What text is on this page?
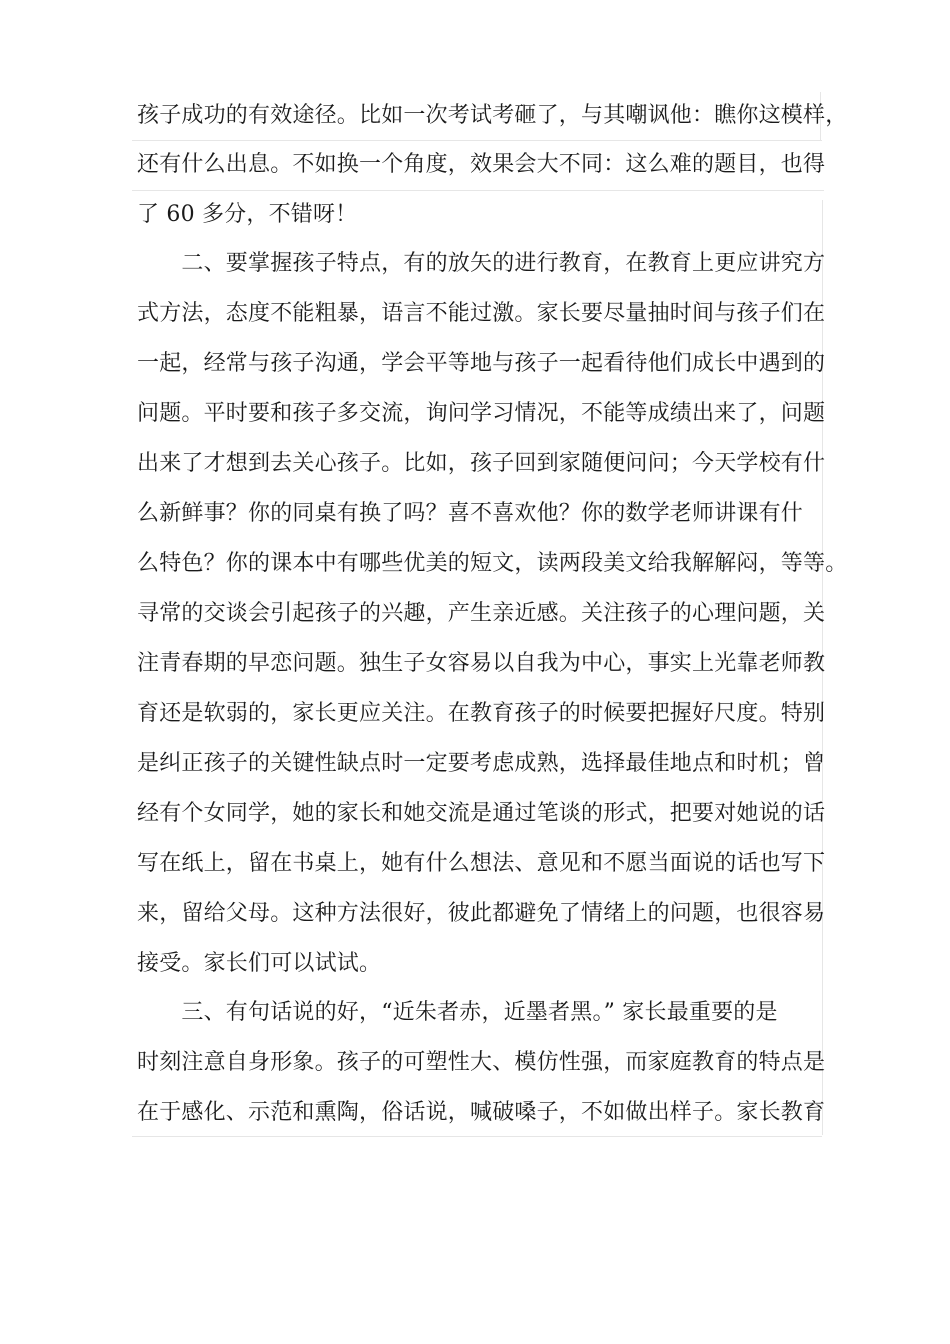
孩子成功的有效途径。比如一次考试考砸了，与其嘲讽他：瞧你这模样，
还有什么出息。不如换一个角度，效果会大不同：这么难的题目，也得
了 60 多分，不错呀！
　　二、要掌握孩子特点，有的放矢的进行教育，在教育上更应讲究方
式方法，态度不能粗暴，语言不能过激。家长要尽量抽时间与孩子们在
一起，经常与孩子沟通，学会平等地与孩子一起看待他们成长中遇到的
问题。平时要和孩子多交流，询问学习情况，不能等成绩出来了，问题
出来了才想到去关心孩子。比如，孩子回到家随便问问；今天学校有什
么新鲜事？你的同桌有换了吗？喜不喜欢他？你的数学老师讲课有什
么特色？你的课本中有哪些优美的短文，读两段美文给我解解闷，等等。
寻常的交谈会引起孩子的兴趣，产生亲近感。关注孩子的心理问题，关
注青春期的早恋问题。独生子女容易以自我为中心，事实上光靠老师教
育还是软弱的，家长更应关注。在教育孩子的时候要把握好尺度。特别
是纠正孩子的关键性缺点时一定要考虑成熟，选择最佳地点和时机；曾
经有个女同学，她的家长和她交流是通过笔谈的形式，把要对她说的话
写在纸上，留在书桌上，她有什么想法、意见和不愿当面说的话也写下
来，留给父母。这种方法很好，彼此都避免了情绪上的问题，也很容易
接受。家长们可以试试。
　　三、有句话说的好，“近朱者赤，近墨者黑。” 家长最重要的是
时刻注意自身形象。孩子的可塑性大、模仿性强，而家庭教育的特点是
在于感化、示范和熏陶，俗话说，喊破嗓子，不如做出样子。家长教育
